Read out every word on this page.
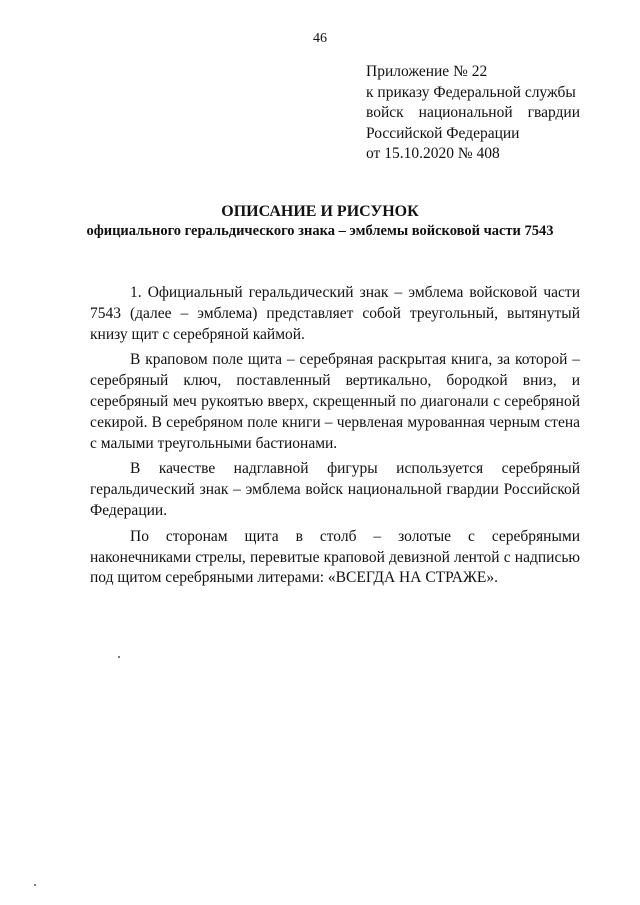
46
Приложение № 22
к приказу Федеральной службы
войск национальной гвардии
Российской Федерации
от 15.10.2020 № 408
ОПИСАНИЕ И РИСУНОК
официального геральдического знака – эмблемы войсковой части 7543

1. Официальный геральдический знак – эмблема войсковой части 7543 (далее – эмблема) представляет собой треугольный, вытянутый книзу щит с серебряной каймой.

В краповом поле щита – серебряная раскрытая книга, за которой – серебряный ключ, поставленный вертикально, бородкой вниз, и серебряный меч рукоятью вверх, скрещенный по диагонали с серебряной секирой. В серебряном поле книги – червленая мурованная черным стена с малыми треугольными бастионами.

В качестве надглавной фигуры используется серебряный геральдический знак – эмблема войск национальной гвардии Российской Федерации.

По сторонам щита в столб – золотые с серебряными наконечниками стрелы, перевитые краповой девизной лентой с надписью под щитом серебряными литерами: «ВСЕГДА НА СТРАЖЕ».
